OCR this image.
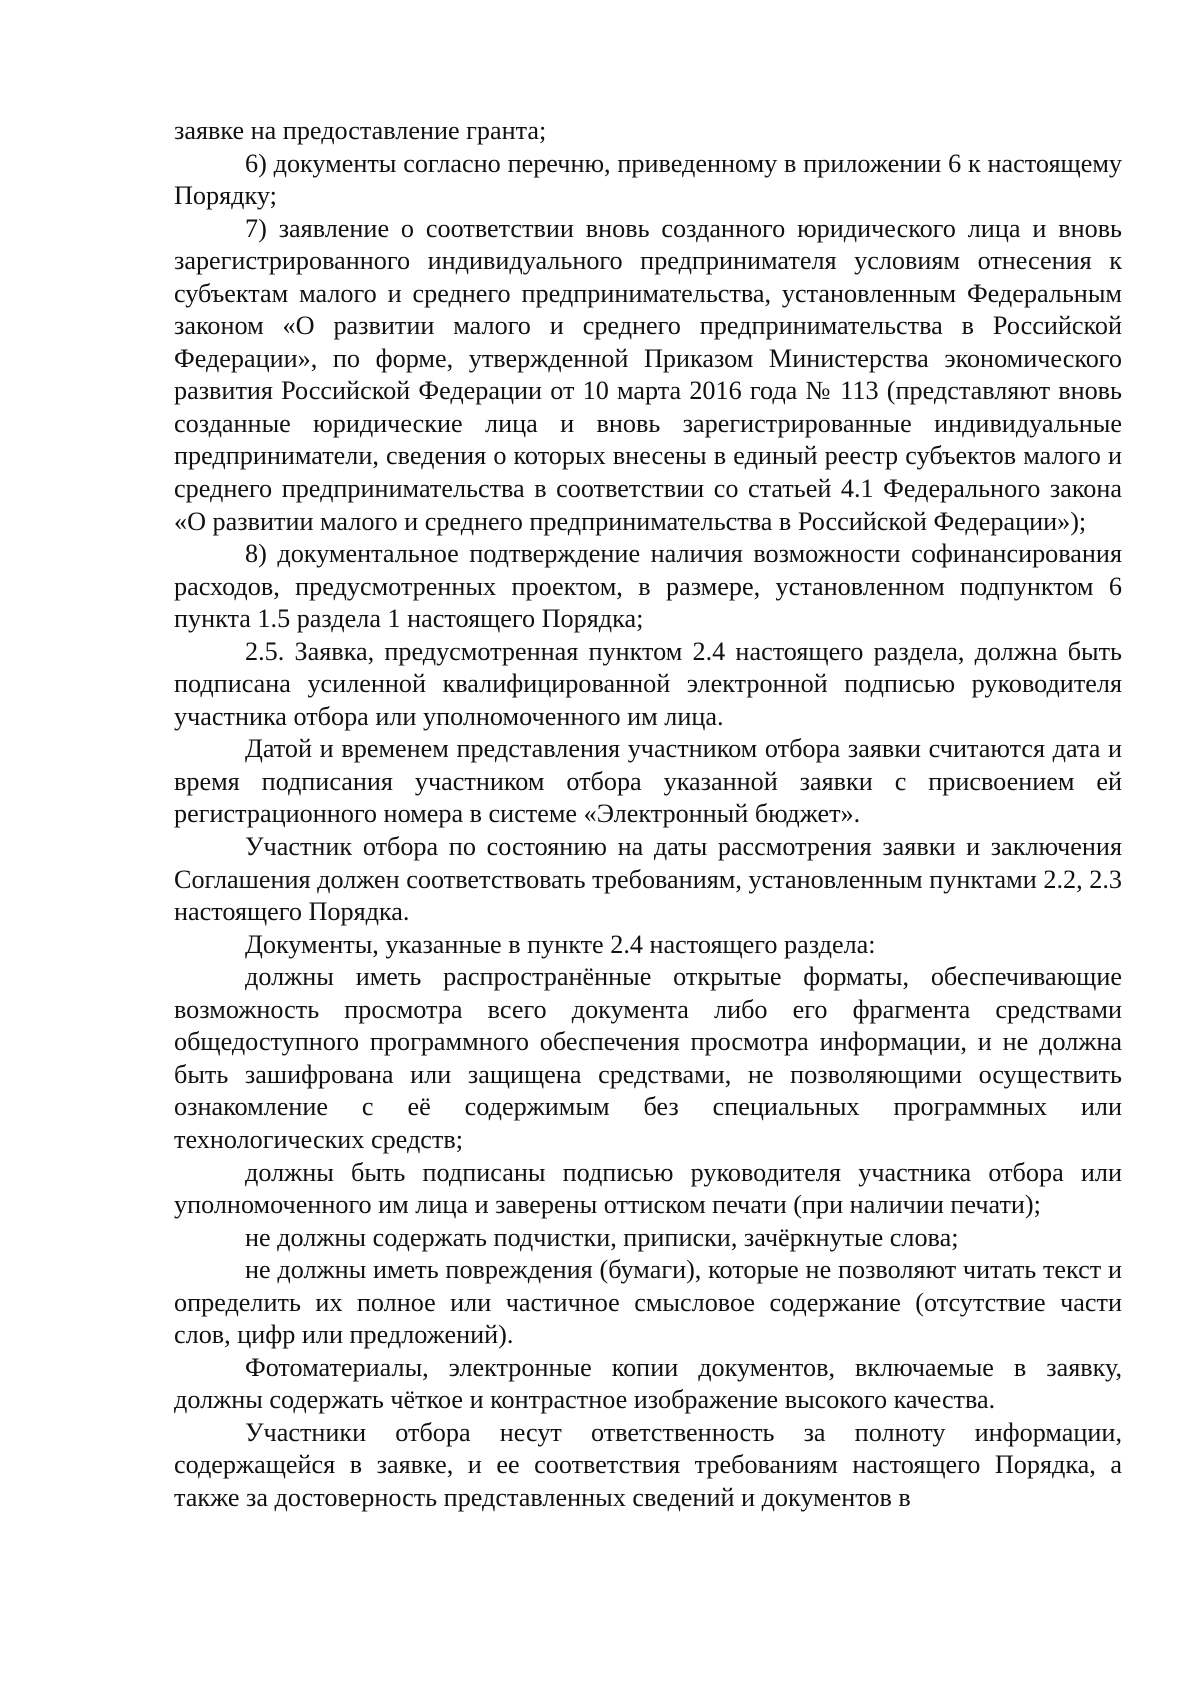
заявке на предоставление гранта;

6) документы согласно перечню, приведенному в приложении 6 к настоящему Порядку;

7) заявление о соответствии вновь созданного юридического лица и вновь зарегистрированного индивидуального предпринимателя условиям отнесения к субъектам малого и среднего предпринимательства, установленным Федеральным законом «О развитии малого и среднего предпринимательства в Российской Федерации», по форме, утвержденной Приказом Министерства экономического развития Российской Федерации от 10 марта 2016 года № 113 (представляют вновь созданные юридические лица и вновь зарегистрированные индивидуальные предприниматели, сведения о которых внесены в единый реестр субъектов малого и среднего предпринимательства в соответствии со статьей 4.1 Федерального закона «О развитии малого и среднего предпринимательства в Российской Федерации»);

8) документальное подтверждение наличия возможности софинансирования расходов, предусмотренных проектом, в размере, установленном подпунктом 6 пункта 1.5 раздела 1 настоящего Порядка;

2.5. Заявка, предусмотренная пунктом 2.4 настоящего раздела, должна быть подписана усиленной квалифицированной электронной подписью руководителя участника отбора или уполномоченного им лица.

Датой и временем представления участником отбора заявки считаются дата и время подписания участником отбора указанной заявки с присвоением ей регистрационного номера в системе «Электронный бюджет».

Участник отбора по состоянию на даты рассмотрения заявки и заключения Соглашения должен соответствовать требованиям, установленным пунктами 2.2, 2.3 настоящего Порядка.

Документы, указанные в пункте 2.4 настоящего раздела:

должны иметь распространённые открытые форматы, обеспечивающие возможность просмотра всего документа либо его фрагмента средствами общедоступного программного обеспечения просмотра информации, и не должна быть зашифрована или защищена средствами, не позволяющими осуществить ознакомление с её содержимым без специальных программных или технологических средств;

должны быть подписаны подписью руководителя участника отбора или уполномоченного им лица и заверены оттиском печати (при наличии печати);

не должны содержать подчистки, приписки, зачёркнутые слова;

не должны иметь повреждения (бумаги), которые не позволяют читать текст и определить их полное или частичное смысловое содержание (отсутствие части слов, цифр или предложений).

Фотоматериалы, электронные копии документов, включаемые в заявку, должны содержать чёткое и контрастное изображение высокого качества.

Участники отбора несут ответственность за полноту информации, содержащейся в заявке, и ее соответствия требованиям настоящего Порядка, а также за достоверность представленных сведений и документов в
